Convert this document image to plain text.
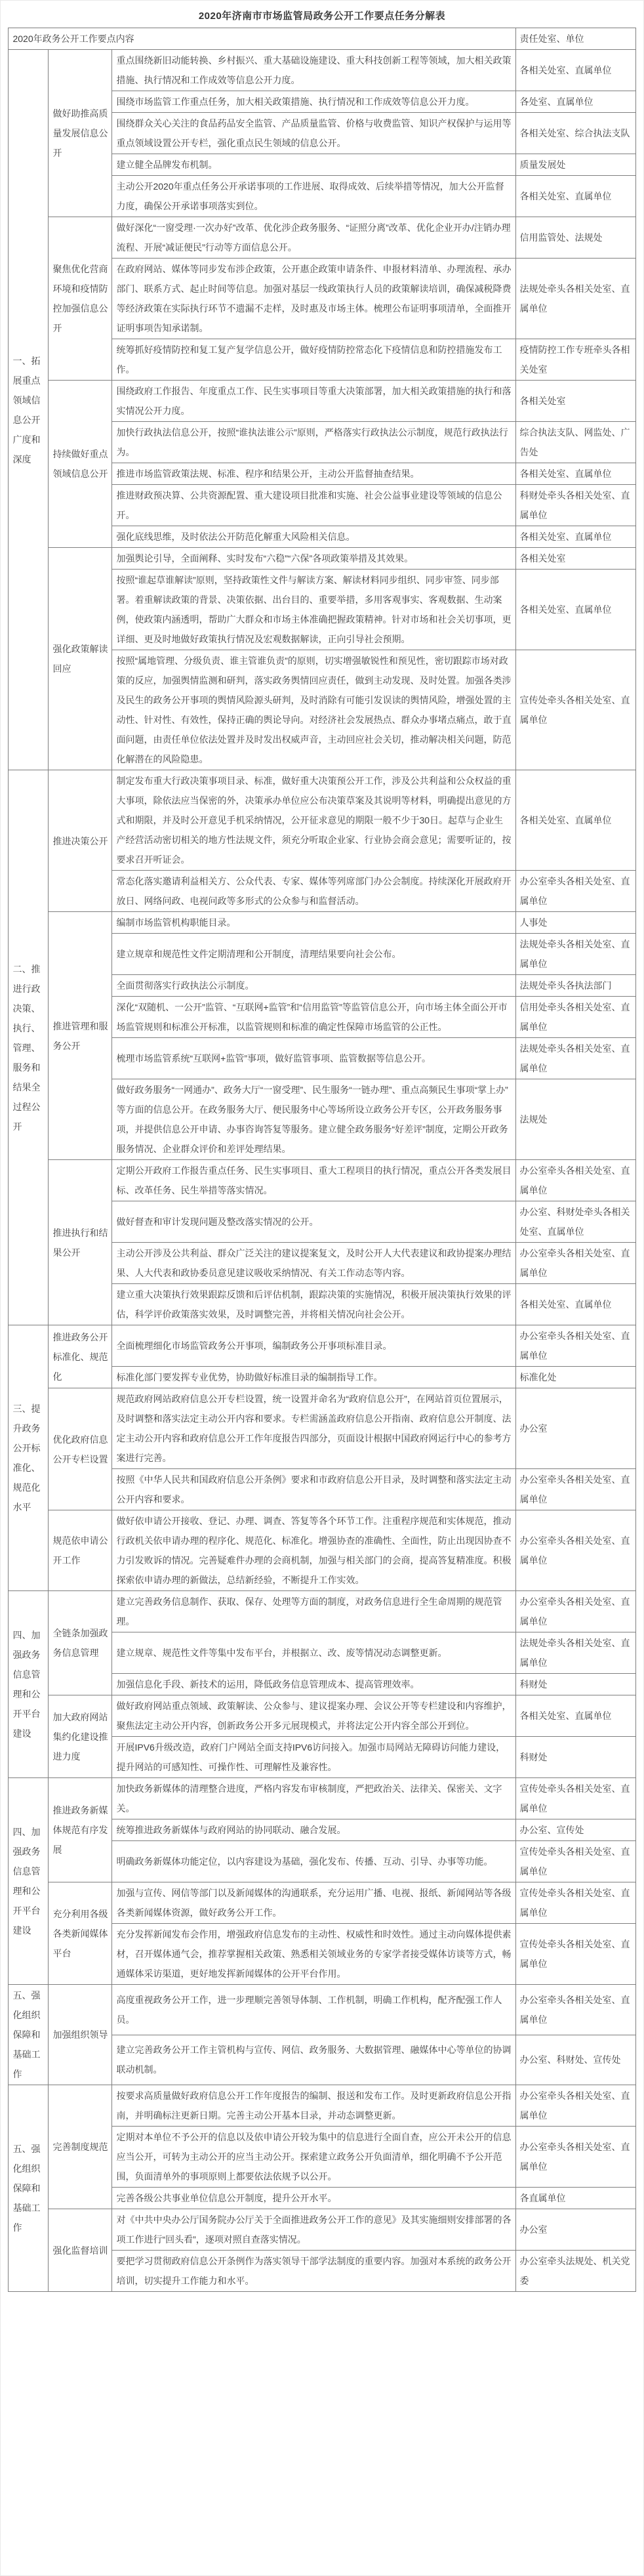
2020年济南市市场监管局政务公开工作要点任务分解表
2020年政务公开工作要点内容			责任处室、单位
一、拓展重点领域信息公开广度和深度	做好助推高质量发展信息公开	重点围绕新旧动能转换、乡村振兴、重大基础设施建设、重大科技创新工程等领域，加大相关政策措施、执行情况和工作成效等信息公开力度。	各相关处室、直属单位
		围绕市场监管工作重点任务，加大相关政策措施、执行情况和工作成效等信息公开力度。	各处室、直属单位
		围绕群众关心关注的食品药品安全监管、产品质量监管、价格与收费监管、知识产权保护与运用等重点领域设置公开专栏，强化重点民生领域的信息公开。	各相关处室、综合执法支队
		建立健全品牌发布机制。	质量发展处
		主动公开2020年重点任务公开承诺事项的工作进展、取得成效、后续举措等情况，加大公开监督力度，确保公开承诺事项落实到位。	各相关处室、直属单位
	聚焦优化营商环境和疫情防控加强信息公开	做好深化“一窗受理·一次办好”改革、优化涉企政务服务、“证照分离”改革、优化企业开办/注销办理流程、开展“减证便民”行动等方面信息公开。	信用监管处、法规处
		在政府网站、媒体等同步发布涉企政策，公开惠企政策申请条件、申报材料清单、办理流程、承办部门、联系方式、起止时间等信息。加强对基层一线政策执行人员的政策解读培训，确保减税降费等经济政策在实际执行环节不遗漏不走样，及时惠及市场主体。梳理公布证明事项清单，全面推开证明事项告知承诺制。	法规处牵头各相关处室、直属单位
		统筹抓好疫情防控和复工复产复学信息公开，做好疫情防控常态化下疫情信息和防控措施发布工作。	疫情防控工作专班牵头各相关处室
	持续做好重点领域信息公开	围绕政府工作报告、年度重点工作、民生实事项目等重大决策部署，加大相关政策措施的执行和落实情况公开力度。	各相关处室
		加快行政执法信息公开，按照“谁执法谁公示”原则，严格落实行政执法公示制度，规范行政执法行为。	综合执法支队、网监处、广告处
		推进市场监管政策法规、标准、程序和结果公开，主动公开监督抽查结果。	各相关处室、直属单位
		推进财政预决算、公共资源配置、重大建设项目批准和实施、社会公益事业建设等领域的信息公开。	科财处牵头各相关处室、直属单位
		强化底线思维，及时依法公开防范化解重大风险相关信息。	各相关处室、直属单位
	强化政策解读回应	加强舆论引导，全面阐释、实时发布“六稳”“六保”各项政策举措及其效果。	各相关处室
		按照“谁起草谁解读”原则，坚持政策性文件与解读方案、解读材料同步组织、同步审签、同步部署。着重解读政策的背景、决策依据、出台目的、重要举措，多用客观事实、客观数据、生动案例，使政策内涵透明，帮助广大群众和市场主体准确把握政策精神。针对市场和社会关切事项，更详细、更及时地做好政策执行情况及宏观数据解读，正向引导社会预期。	各相关处室、直属单位
		按照“属地管理、分级负责、谁主管谁负责”的原则，切实增强敏锐性和预见性，密切跟踪市场对政策的反应，加强舆情监测和研判，落实政务舆情回应责任，做到主动发现、及时处置。加强各类涉及民生的政务公开事项的舆情风险源头研判，及时消除有可能引发误读的舆情风险，增强处置的主动性、针对性、有效性，保持正确的舆论导向。对经济社会发展热点、群众办事堵点痛点，敢于直面问题，由责任单位依法处置并及时发出权威声音，主动回应社会关切，推动解决相关问题，防范化解潜在的风险隐患。	宣传处牵头各相关处室、直属单位
二、推进行政决策、执行、管理、服务和结果全过程公开	推进决策公开	制定发布重大行政决策事项目录、标准，做好重大决策预公开工作，涉及公共利益和公众权益的重大事项，除依法应当保密的外，决策承办单位应公布决策草案及其说明等材料，明确提出意见的方式和期限，并及时公开意见手机采纳情况，公开征求意见的期限一般不少于30日。起草与企业生产经营活动密切相关的地方性法规文件，须充分听取企业家、行业协会商会意见；需要听证的，按要求召开听证会。	各相关处室、直属单位
		常态化落实邀请利益相关方、公众代表、专家、媒体等列席部门办公会制度。持续深化开展政府开放日、网络问政、电视问政等多形式的公众参与和监督活动。	办公室牵头各相关处室、直属单位
	推进管理和服务公开	编制市场监管机构职能目录。	人事处
		建立规章和规范性文件定期清理和公开制度，清理结果要向社会公布。	法规处牵头各相关处室、直属单位
		全面贯彻落实行政执法公示制度。	法规处牵头各执法部门
		深化“双随机、一公开”监管、“互联网+监管”和“信用监管”等监管信息公开，向市场主体全面公开市场监管规则和标准公开标准，以监管规则和标准的确定性保障市场监管的公正性。	信用处牵头各相关处室、直属单位
		梳理市场监管系统“互联网+监管”事项，做好监管事项、监管数据等信息公开。	法规处牵头各相关处室、直属单位
		做好政务服务“一网通办”、政务大厅“一窗受理”、民生服务“一链办理”、重点高频民生事项“掌上办”等方面的信息公开。在政务服务大厅、便民服务中心等场所设立政务公开专区，公开政务服务事项，并提供信息公开申请、办事咨询答复等服务。建立健全政务服务“好差评”制度，定期公开政务服务情况、企业群众评价和差评处理结果。	法规处
	推进执行和结果公开	定期公开政府工作报告重点任务、民生实事项目、重大工程项目的执行情况，重点公开各类发展目标、改革任务、民生举措等落实情况。	办公室牵头各相关处室、直属单位
		做好督查和审计发现问题及整改落实情况的公开。	办公室、科财处牵头各相关处室、直属单位
		主动公开涉及公共利益、群众广泛关注的建议提案复文，及时公开人大代表建议和政协提案办理结果、人大代表和政协委员意见建议吸收采纳情况、有关工作动态等内容。	办公室牵头各相关处室、直属单位
		建立重大决策执行效果跟踪反馈和后评估机制，跟踪决策的实施情况，积极开展决策执行效果的评估，科学评价政策落实效果，及时调整完善，并将相关情况向社会公开。	各相关处室、直属单位
三、提升政务公开标准化、规范化水平	推进政务公开标准化、规范化	全面梳理细化市场监管政务公开事项，编制政务公开事项标准目录。	办公室牵头各相关处室、直属单位
		标准化部门要发挥专业优势，协助做好标准目录的编制指导工作。	标准化处
	优化政府信息公开专栏设置	规范政府网站政府信息公开专栏设置，统一设置并命名为“政府信息公开”，在网站首页位置展示，及时调整和落实法定主动公开内容和要求。专栏需涵盖政府信息公开指南、政府信息公开制度、法定主动公开内容和政府信息公开工作年度报告四部分，页面设计根据中国政府网运行中心的参考方案进行完善。	办公室
		按照《中华人民共和国政府信息公开条例》要求和市政府信息公开目录，及时调整和落实法定主动公开内容和要求。	办公室牵头各相关处室、直属单位
	规范依申请公开工作	做好依申请公开接收、登记、办理、调查、答复等各个环节工作。注重程序规范和实体规范，推动行政机关依申请办理的程序化、规范化、标准化。增强协查的准确性、全面性，防止出现因协查不力引发败诉的情况。完善疑难件办理的会商机制，加强与相关部门的会商，提高答复精准度。积极探索依申请办理的新做法，总结新经验，不断提升工作实效。	办公室牵头各相关处室、直属单位
四、加强政务信息管理和公开平台建设	全链条加强政务信息管理	建立完善政务信息制作、获取、保存、处理等方面的制度，对政务信息进行全生命周期的规范管理。	办公室牵头各相关处室、直属单位
		建立规章、规范性文件等集中发布平台，并根据立、改、废等情况动态调整更新。	法规处牵头各相关处室、直属单位
		加强信息化手段、新技术的运用，降低政务信息管理成本、提高管理效率。	科财处
	加大政府网站集约化建设推进力度	做好政府网站重点领域、政策解读、公众参与、建议提案办理、会议公开等专栏建设和内容维护，聚焦法定主动公开内容，创新政务公开多元展现模式，并将法定公开内容全部公开到位。	各相关处室、直属单位
		开展IPV6升级改造，政府门户网站全面支持IPV6访问接入。加强市局网站无障碍访问能力建设，提升网站的可感知性、可操作性、可理解性及兼容性。	科财处
四、加强政务信息管理和公开平台建设	推进政务新媒体规范有序发展	加快政务新媒体的清理整合进度，严格内容发布审核制度，严把政治关、法律关、保密关、文字关。	宣传处牵头各相关处室、直属单位
		统筹推进政务新媒体与政府网站的协同联动、融合发展。	办公室、宣传处
		明确政务新媒体功能定位，以内容建设为基础，强化发布、传播、互动、引导、办事等功能。	宣传处牵头各相关处室、直属单位
	充分利用各级各类新闻媒体平台	加强与宣传、网信等部门以及新闻媒体的沟通联系，充分运用广播、电视、报纸、新闻网站等各级各类新闻媒体资源，做好政务公开工作。	宣传处牵头各相关处室、直属单位
		充分发挥新闻发布会作用，增强政府信息发布的主动性、权威性和时效性。通过主动向媒体提供素材，召开媒体通气会，推荐掌握相关政策、熟悉相关领域业务的专家学者接受媒体访谈等方式，畅通媒体采访渠道，更好地发挥新闻媒体的公开平台作用。	宣传处牵头各相关处室、直属单位
五、强化组织保障和基础工作	加强组织领导	高度重视政务公开工作，进一步理顺完善领导体制、工作机制，明确工作机构，配齐配强工作人员。	办公室牵头各相关处室、直属单位
		建立完善政务公开工作主管机构与宣传、网信、政务服务、大数据管理、融媒体中心等单位的协调联动机制。	办公室、科财处、宣传处
五、强化组织保障和基础工作	完善制度规范	按要求高质量做好政府信息公开工作年度报告的编制、报送和发布工作。及时更新政府信息公开指南，并明确标注更新日期。完善主动公开基本目录，并动态调整更新。	办公室牵头各相关处室、直属单位
		定期对本单位不予公开的信息以及依申请公开较为集中的信息进行全面自查，应公开未公开的信息应当公开，可转为主动公开的应当主动公开。探索建立政务公开负面清单，细化明确不予公开范围，负面清单外的事项原则上都要依法依规予以公开。	办公室牵头各相关处室、直属单位
		完善各级公共事业单位信息公开制度，提升公开水平。	各直属单位
	强化监督培训	对《中共中央办公厅国务院办公厅关于全面推进政务公开工作的意见》及其实施细则安排部署的各项工作进行“回头看”，逐项对照自查落实情况。	办公室
		要把学习贯彻政府信息公开条例作为落实领导干部学法制度的重要内容。加强对本系统的政务公开培训，切实提升工作能力和水平。	办公室牵头法规处、机关党委
